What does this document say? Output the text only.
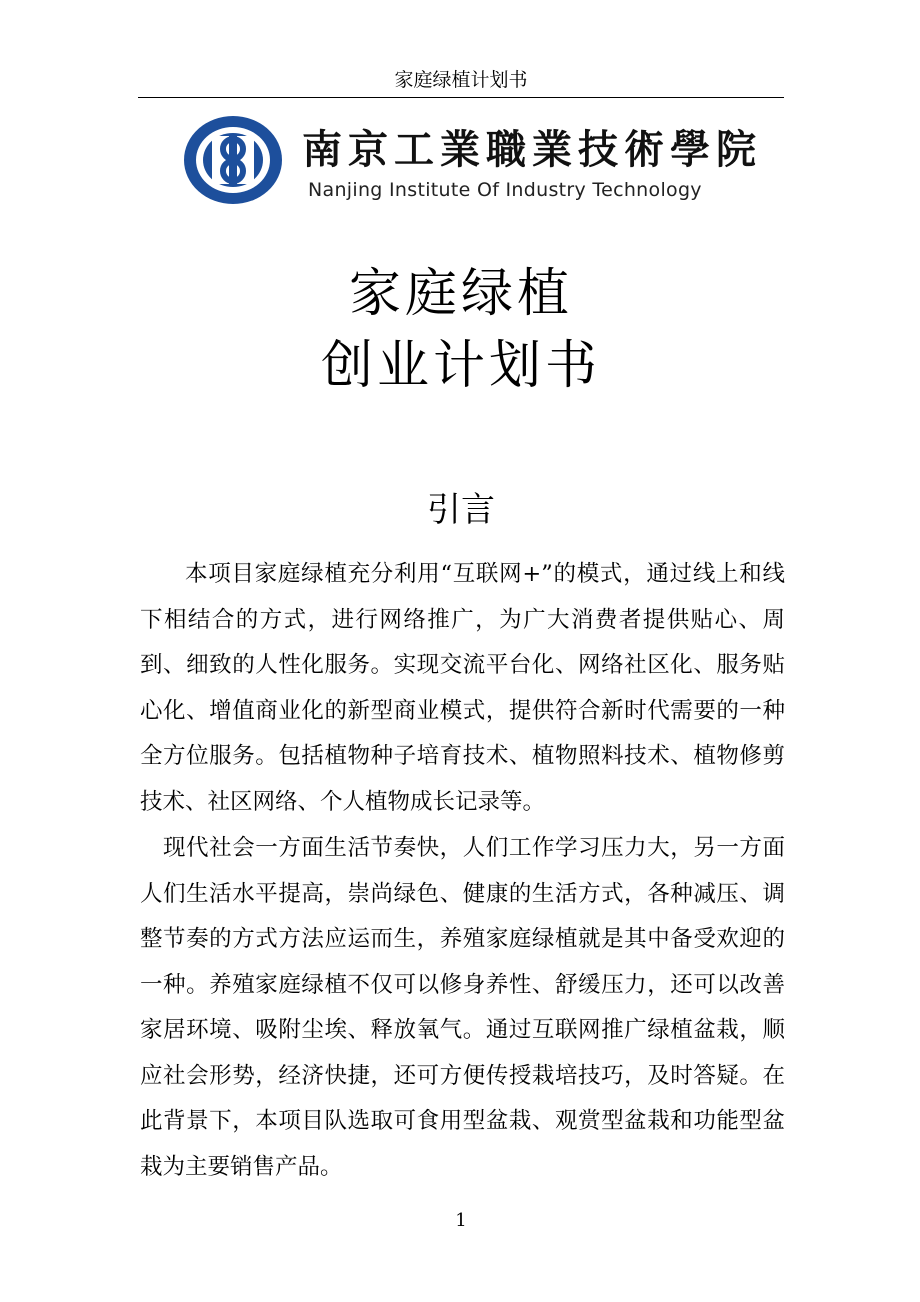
家庭绿植计划书
南京工業職業技術學院
Nanjing Institute Of Industry Technology
家庭绿植
创业计划书
引言

本项目家庭绿植充分利用“互联网+”的模式，通过线上和线下相结合的方式，进行网络推广，为广大消费者提供贴心、周到、细致的人性化服务。实现交流平台化、网络社区化、服务贴心化、增值商业化的新型商业模式，提供符合新时代需要的一种全方位服务。包括植物种子培育技术、植物照料技术、植物修剪技术、社区网络、个人植物成长记录等。

现代社会一方面生活节奏快，人们工作学习压力大，另一方面人们生活水平提高，崇尚绿色、健康的生活方式，各种减压、调整节奏的方式方法应运而生，养殖家庭绿植就是其中备受欢迎的一种。养殖家庭绿植不仅可以修身养性、舒缓压力，还可以改善家居环境、吸附尘埃、释放氧气。通过互联网推广绿植盆栽，顺应社会形势，经济快捷，还可方便传授栽培技巧，及时答疑。在此背景下，本项目队选取可食用型盆栽、观赏型盆栽和功能型盆栽为主要销售产品。

1
